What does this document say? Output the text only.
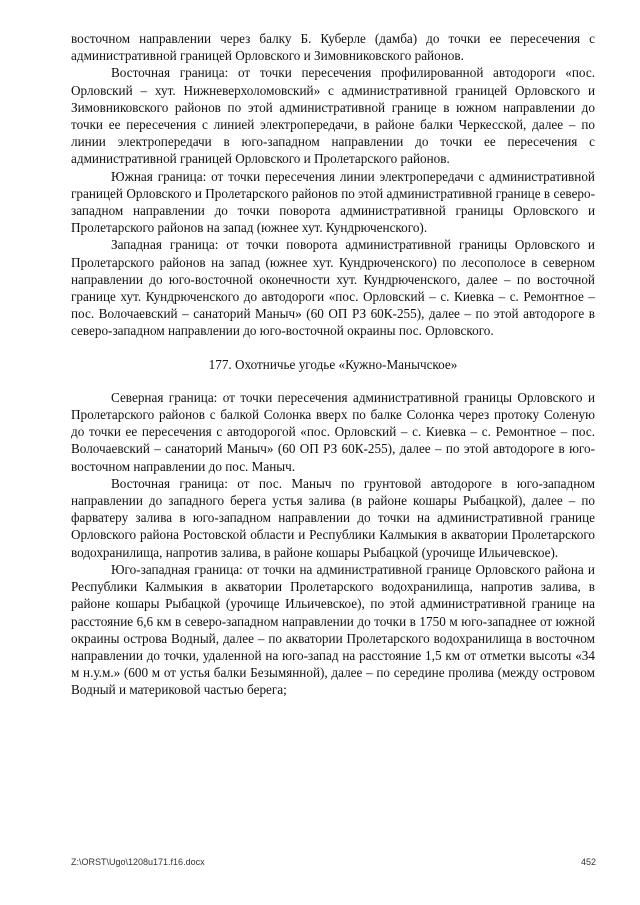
восточном направлении через балку Б. Куберле (дамба) до точки ее пересечения с административной границей Орловского и Зимовниковского районов.

Восточная граница: от точки пересечения профилированной автодороги «пос. Орловский – хут. Нижневерхоломовский» с административной границей Орловского и Зимовниковского районов по этой административной границе в южном направлении до точки ее пересечения с линией электропередачи, в районе балки Черкесской, далее – по линии электропередачи в юго-западном направлении до точки ее пересечения с административной границей Орловского и Пролетарского районов.

Южная граница: от точки пересечения линии электропередачи с административной границей Орловского и Пролетарского районов по этой административной границе в северо-западном направлении до точки поворота административной границы Орловского и Пролетарского районов на запад (южнее хут. Кундрюченского).

Западная граница: от точки поворота административной границы Орловского и Пролетарского районов на запад (южнее хут. Кундрюченского) по лесополосе в северном направлении до юго-восточной оконечности хут. Кундрюченского, далее – по восточной границе хут. Кундрюченского до автодороги «пос. Орловский – с. Киевка – с. Ремонтное – пос. Волочаевский – санаторий Маныч» (60 ОП РЗ 60К-255), далее – по этой автодороге в северо-западном направлении до юго-восточной окраины пос. Орловского.

177. Охотничье угодье «Кужно-Манычское»

Северная граница: от точки пересечения административной границы Орловского и Пролетарского районов с балкой Солонка вверх по балке Солонка через протоку Соленую до точки ее пересечения с автодорогой «пос. Орловский – с. Киевка – с. Ремонтное – пос. Волочаевский – санаторий Маныч» (60 ОП РЗ 60К-255), далее – по этой автодороге в юго-восточном направлении до пос. Маныч.

Восточная граница: от пос. Маныч по грунтовой автодороге в юго-западном направлении до западного берега устья залива (в районе кошары Рыбацкой), далее – по фарватеру залива в юго-западном направлении до точки на административной границе Орловского района Ростовской области и Республики Калмыкия в акватории Пролетарского водохранилища, напротив залива, в районе кошары Рыбацкой (урочище Ильичевское).

Юго-западная граница: от точки на административной границе Орловского района и Республики Калмыкия в акватории Пролетарского водохранилища, напротив залива, в районе кошары Рыбацкой (урочище Ильичевское), по этой административной границе на расстояние 6,6 км в северо-западном направлении до точки в 1750 м юго-западнее от южной окраины острова Водный, далее – по акватории Пролетарского водохранилища в восточном направлении до точки, удаленной на юго-запад на расстояние 1,5 км от отметки высоты «34 м н.у.м.» (600 м от устья балки Безымянной), далее – по середине пролива (между островом Водный и материковой частью берега;

Z:\ORST\Ugo\1208u171.f16.docx	452
